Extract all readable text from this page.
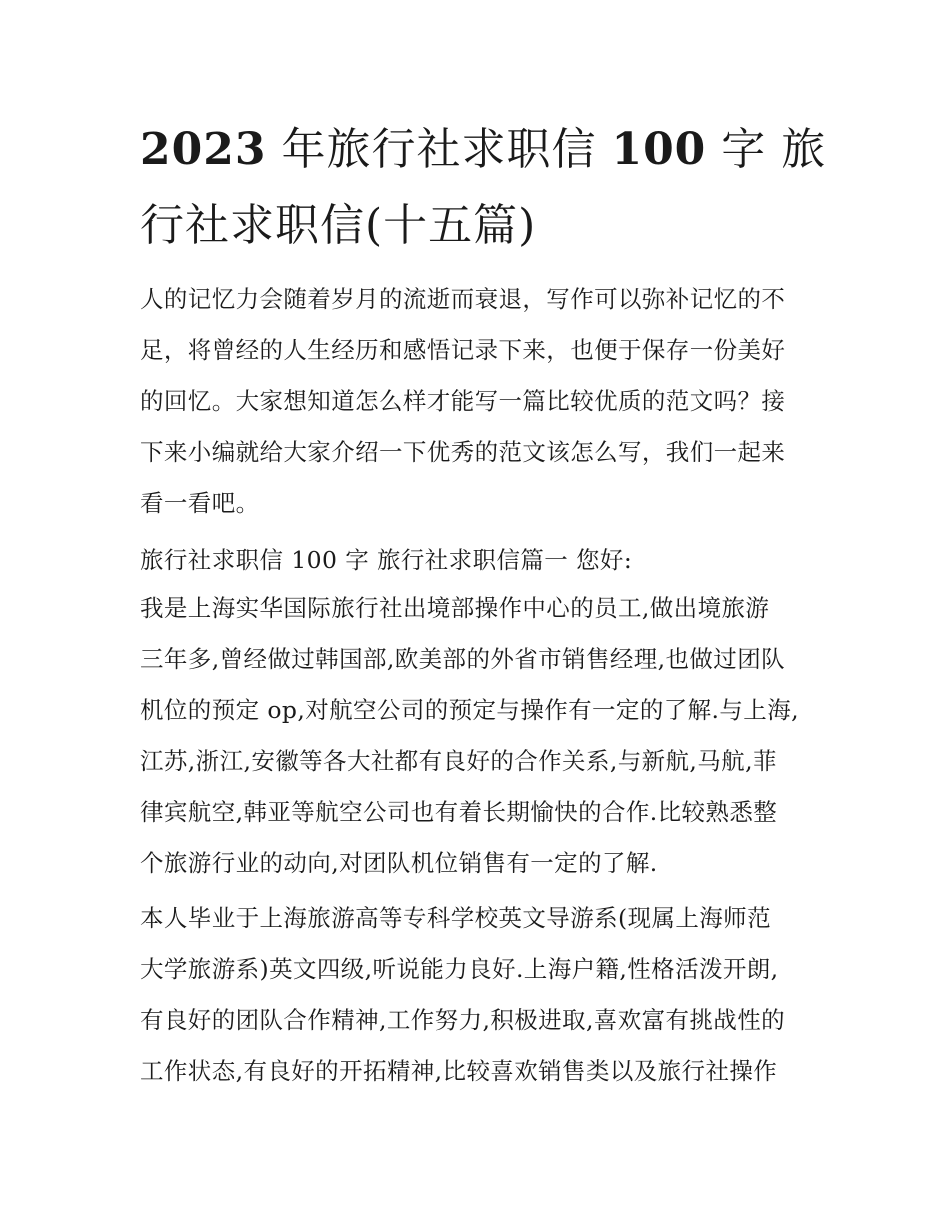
2023 年旅行社求职信 100 字 旅
行社求职信(十五篇)

人的记忆力会随着岁月的流逝而衰退，写作可以弥补记忆的不
足，将曾经的人生经历和感悟记录下来，也便于保存一份美好
的回忆。大家想知道怎么样才能写一篇比较优质的范文吗？接
下来小编就给大家介绍一下优秀的范文该怎么写，我们一起来
看一看吧。

旅行社求职信 100 字 旅行社求职信篇一 您好:

我是上海实华国际旅行社出境部操作中心的员工,做出境旅游
三年多,曾经做过韩国部,欧美部的外省市销售经理,也做过团队
机位的预定 op,对航空公司的预定与操作有一定的了解.与上海,
江苏,浙江,安徽等各大社都有良好的合作关系,与新航,马航,菲
律宾航空,韩亚等航空公司也有着长期愉快的合作.比较熟悉整
个旅游行业的动向,对团队机位销售有一定的了解.

本人毕业于上海旅游高等专科学校英文导游系(现属上海师范
大学旅游系)英文四级,听说能力良好.上海户籍,性格活泼开朗,
有良好的团队合作精神,工作努力,积极进取,喜欢富有挑战性的
工作状态,有良好的开拓精神,比较喜欢销售类以及旅行社操作
